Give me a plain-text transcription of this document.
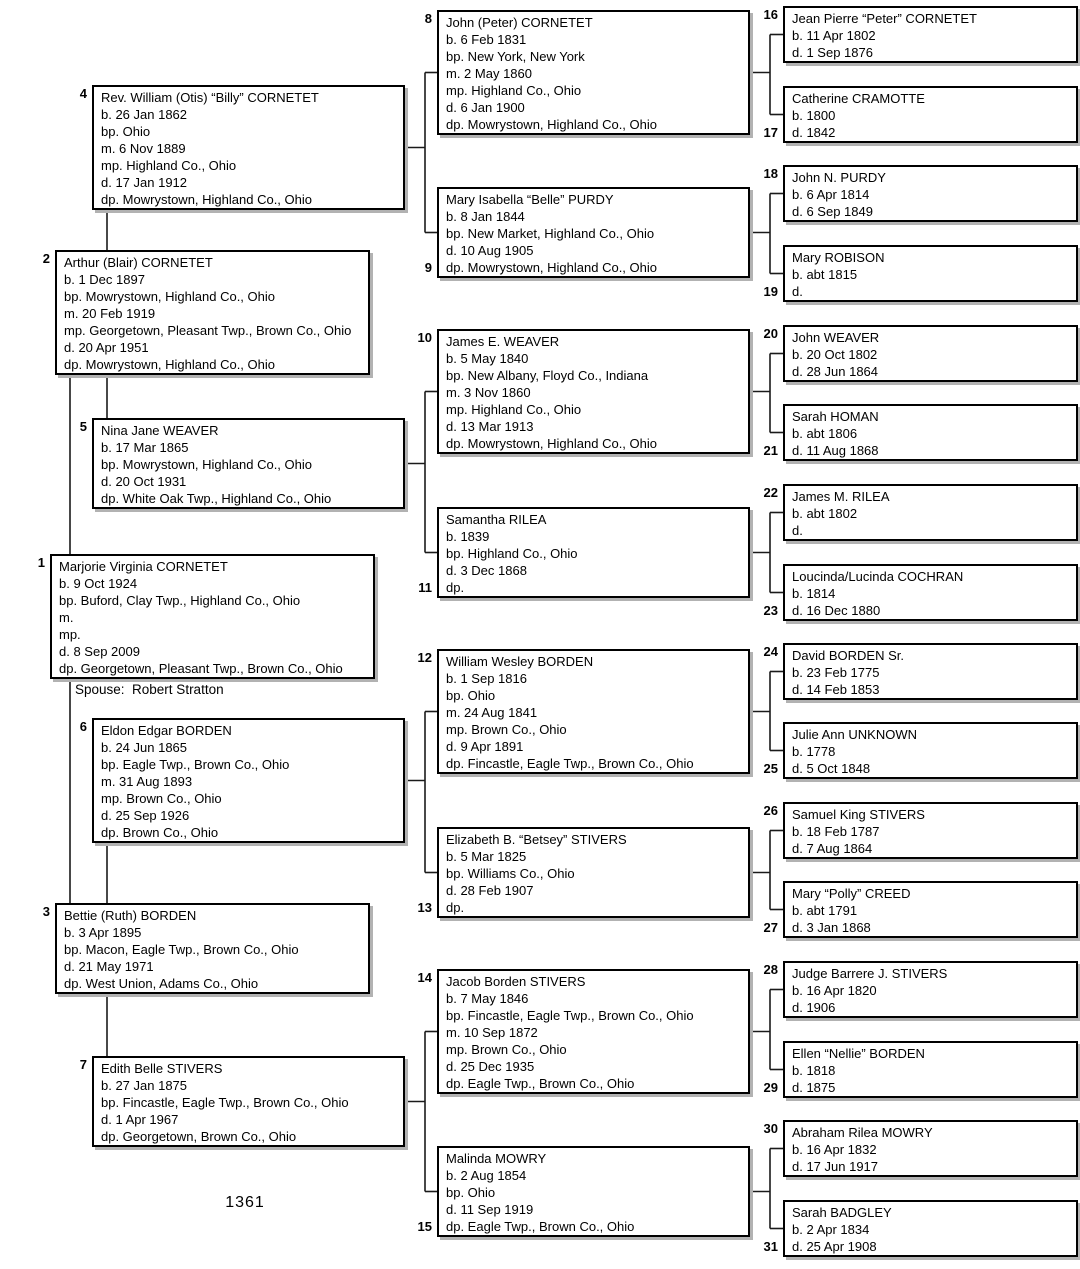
Marjorie Virginia CORNETET
b. 9 Oct 1924
bp. Buford, Clay Twp., Highland Co., Ohio
m.
mp.
d. 8 Sep 2009
dp. Georgetown, Pleasant Twp., Brown Co., Ohio
1
Arthur (Blair) CORNETET
b. 1 Dec 1897
bp. Mowrystown, Highland Co., Ohio
m. 20 Feb 1919
mp. Georgetown, Pleasant Twp., Brown Co., Ohio
d. 20 Apr 1951
dp. Mowrystown, Highland Co., Ohio
2
Bettie (Ruth) BORDEN
b. 3 Apr 1895
bp. Macon, Eagle Twp., Brown Co., Ohio
d. 21 May 1971
dp. West Union, Adams Co., Ohio
3
Rev. William (Otis) “Billy” CORNETET
b. 26 Jan 1862
bp. Ohio
m. 6 Nov 1889
mp. Highland Co., Ohio
d. 17 Jan 1912
dp. Mowrystown, Highland Co., Ohio
4
Nina Jane WEAVER
b. 17 Mar 1865
bp. Mowrystown, Highland Co., Ohio
d. 20 Oct 1931
dp. White Oak Twp., Highland Co., Ohio
5
Eldon Edgar BORDEN
b. 24 Jun 1865
bp. Eagle Twp., Brown Co., Ohio
m. 31 Aug 1893
mp. Brown Co., Ohio
d. 25 Sep 1926
dp. Brown Co., Ohio
6
Edith Belle STIVERS
b. 27 Jan 1875
bp. Fincastle, Eagle Twp., Brown Co., Ohio
d. 1 Apr 1967
dp. Georgetown, Brown Co., Ohio
7
John (Peter) CORNETET
b. 6 Feb 1831
bp. New York, New York
m. 2 May 1860
mp. Highland Co., Ohio
d. 6 Jan 1900
dp. Mowrystown, Highland Co., Ohio
8
Mary Isabella “Belle” PURDY
b. 8 Jan 1844
bp. New Market, Highland Co., Ohio
d. 10 Aug 1905
dp. Mowrystown, Highland Co., Ohio
9
James E. WEAVER
b. 5 May 1840
bp. New Albany, Floyd Co., Indiana
m. 3 Nov 1860
mp. Highland Co., Ohio
d. 13 Mar 1913
dp. Mowrystown, Highland Co., Ohio
10
Samantha RILEA
b. 1839
bp. Highland Co., Ohio
d. 3 Dec 1868
dp.
11
William Wesley BORDEN
b. 1 Sep 1816
bp. Ohio
m. 24 Aug 1841
mp. Brown Co., Ohio
d. 9 Apr 1891
dp. Fincastle, Eagle Twp., Brown Co., Ohio
12
Elizabeth B. “Betsey” STIVERS
b. 5 Mar 1825
bp. Williams Co., Ohio
d. 28 Feb 1907
dp.
13
Jacob Borden STIVERS
b. 7 May 1846
bp. Fincastle, Eagle Twp., Brown Co., Ohio
m. 10 Sep 1872
mp. Brown Co., Ohio
d. 25 Dec 1935
dp. Eagle Twp., Brown Co., Ohio
14
Malinda MOWRY
b. 2 Aug 1854
bp. Ohio
d. 11 Sep 1919
dp. Eagle Twp., Brown Co., Ohio
15
Jean Pierre “Peter” CORNETET
b. 11 Apr 1802
d. 1 Sep 1876
16
Catherine CRAMOTTE
b. 1800
d. 1842
17
John N. PURDY
b. 6 Apr 1814
d. 6 Sep 1849
18
Mary ROBISON
b. abt 1815
d.
19
John WEAVER
b. 20 Oct 1802
d. 28 Jun 1864
20
Sarah HOMAN
b. abt 1806
d. 11 Aug 1868
21
James M. RILEA
b. abt 1802
d.
22
Loucinda/Lucinda COCHRAN
b. 1814
d. 16 Dec 1880
23
David BORDEN Sr.
b. 23 Feb 1775
d. 14 Feb 1853
24
Julie Ann UNKNOWN
b. 1778
d. 5 Oct 1848
25
Samuel King STIVERS
b. 18 Feb 1787
d. 7 Aug 1864
26
Mary “Polly” CREED
b. abt 1791
d. 3 Jan 1868
27
Judge Barrere J. STIVERS
b. 16 Apr 1820
d. 1906
28
Ellen “Nellie” BORDEN
b. 1818
d. 1875
29
Abraham Rilea MOWRY
b. 16 Apr 1832
d. 17 Jun 1917
30
Sarah BADGLEY
b. 2 Apr 1834
d. 25 Apr 1908
31
Spouse:  Robert Stratton
1361
